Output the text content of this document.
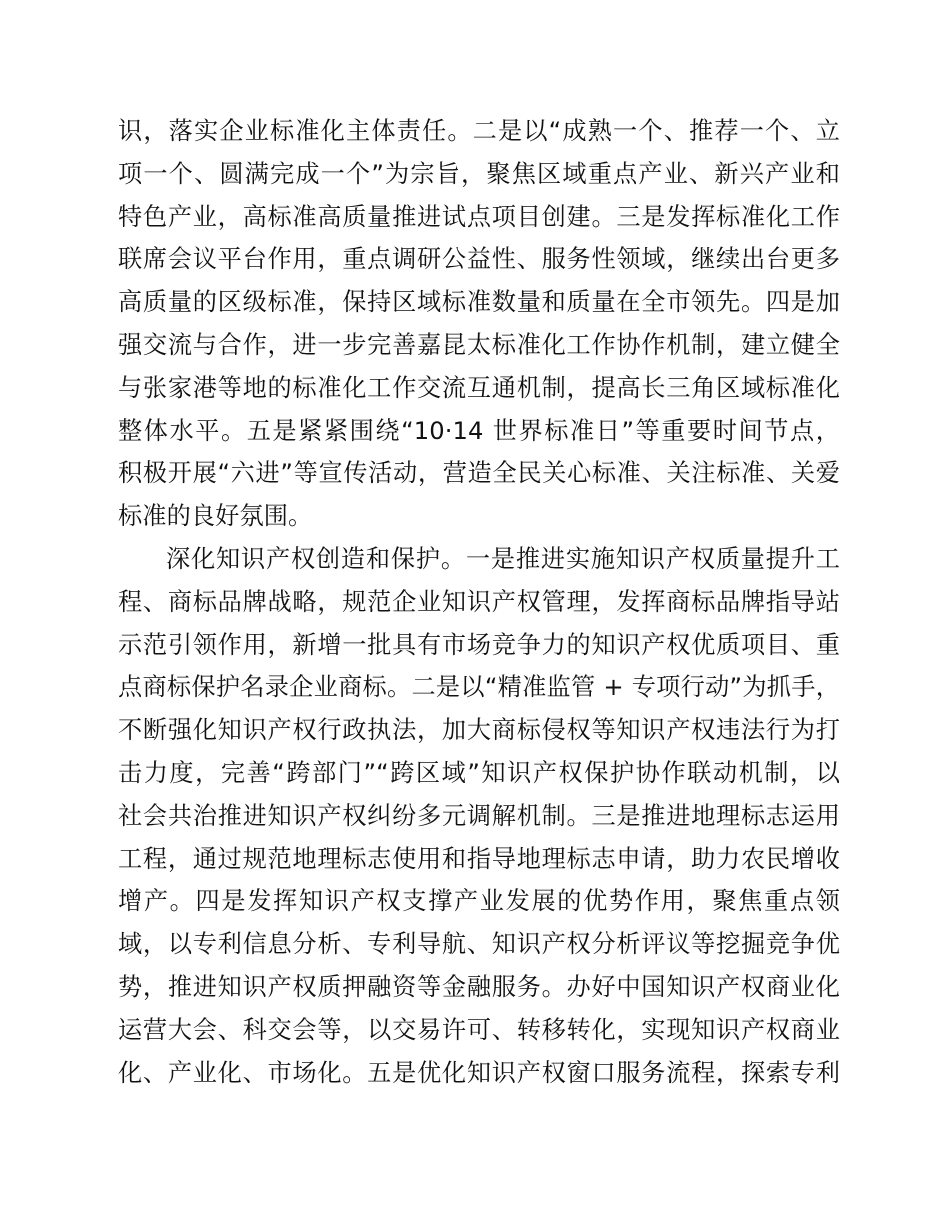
识，落实企业标准化主体责任。二是以“成熟一个、推荐一个、立
项一个、圆满完成一个”为宗旨，聚焦区域重点产业、新兴产业和
特色产业，高标准高质量推进试点项目创建。三是发挥标准化工作
联席会议平台作用，重点调研公益性、服务性领域，继续出台更多
高质量的区级标准，保持区域标准数量和质量在全市领先。四是加
强交流与合作，进一步完善嘉昆太标准化工作协作机制，建立健全
与张家港等地的标准化工作交流互通机制，提高长三角区域标准化
整体水平。五是紧紧围绕“10·14 世界标准日”等重要时间节点，
积极开展“六进”等宣传活动，营造全民关心标准、关注标准、关爱
标准的良好氛围。
深化知识产权创造和保护。一是推进实施知识产权质量提升工
程、商标品牌战略，规范企业知识产权管理，发挥商标品牌指导站
示范引领作用，新增一批具有市场竞争力的知识产权优质项目、重
点商标保护名录企业商标。二是以“精准监管 + 专项行动”为抓手，
不断强化知识产权行政执法，加大商标侵权等知识产权违法行为打
击力度，完善“跨部门”“跨区域”知识产权保护协作联动机制，以
社会共治推进知识产权纠纷多元调解机制。三是推进地理标志运用
工程，通过规范地理标志使用和指导地理标志申请，助力农民增收
增产。四是发挥知识产权支撑产业发展的优势作用，聚焦重点领
域，以专利信息分析、专利导航、知识产权分析评议等挖掘竞争优
势，推进知识产权质押融资等金融服务。办好中国知识产权商业化
运营大会、科交会等，以交易许可、转移转化，实现知识产权商业
化、产业化、市场化。五是优化知识产权窗口服务流程，探索专利
